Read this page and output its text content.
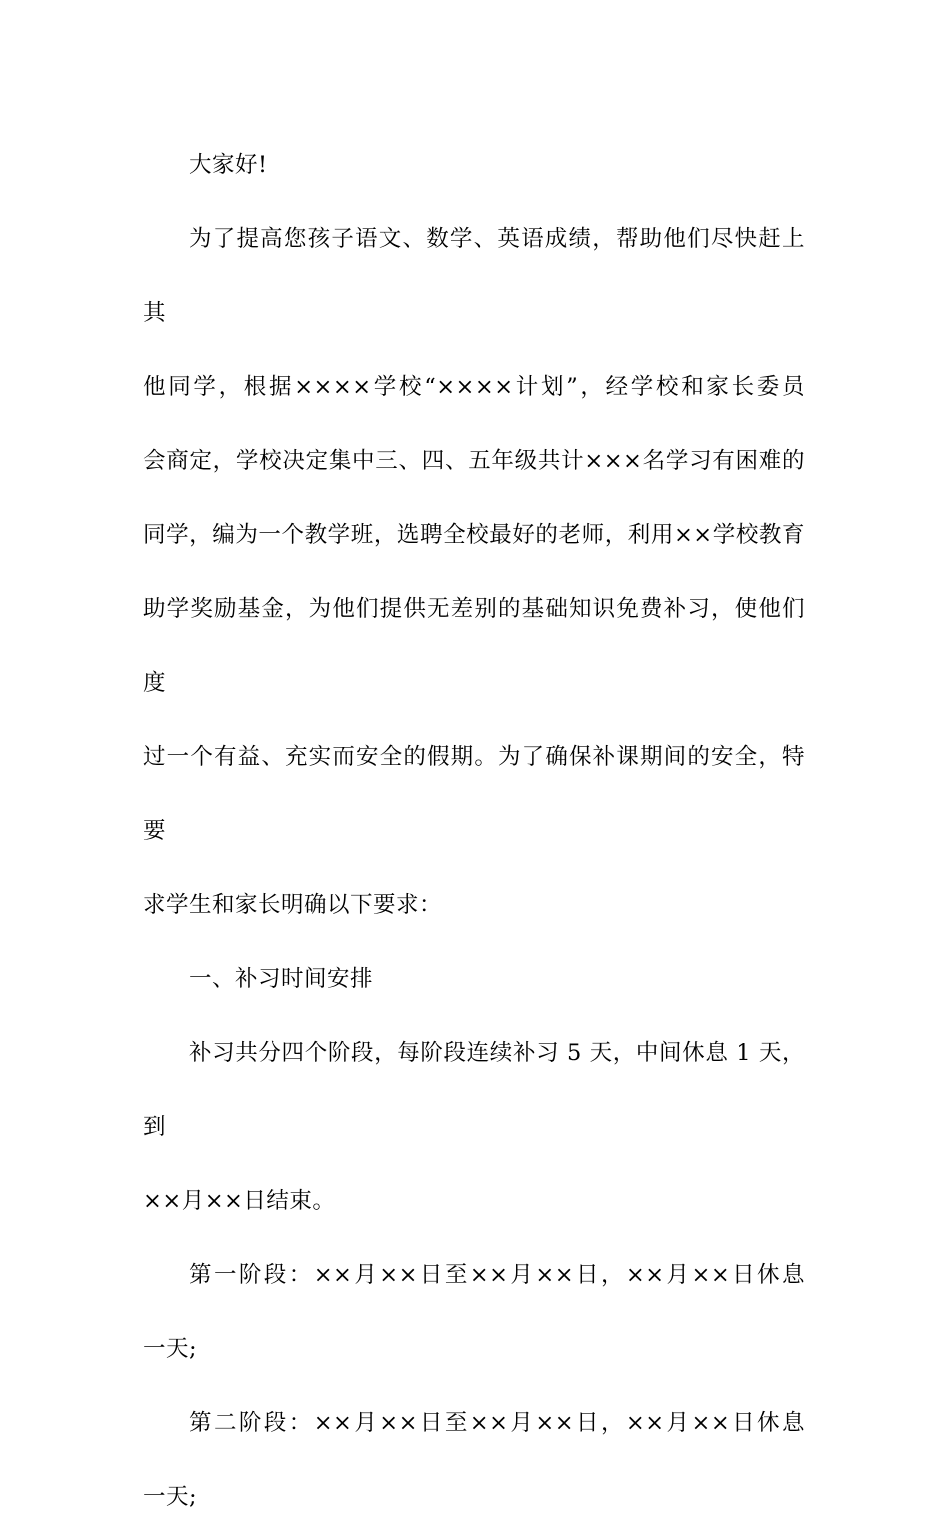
大家好!

为了提高您孩子语文、数学、英语成绩，帮助他们尽快赶上其

他同学，根据××××学校“××××计划”，经学校和家长委员

会商定，学校决定集中三、四、五年级共计×××名学习有困难的

同学，编为一个教学班，选聘全校最好的老师，利用××学校教育

助学奖励基金，为他们提供无差别的基础知识免费补习，使他们度

过一个有益、充实而安全的假期。为了确保补课期间的安全，特要

求学生和家长明确以下要求：

一、补习时间安排

补习共分四个阶段，每阶段连续补习 5 天，中间休息 1 天，到

××月××日结束。

第一阶段：××月××日至××月××日，××月××日休息

一天;

第二阶段：××月××日至××月××日，××月××日休息

一天;
